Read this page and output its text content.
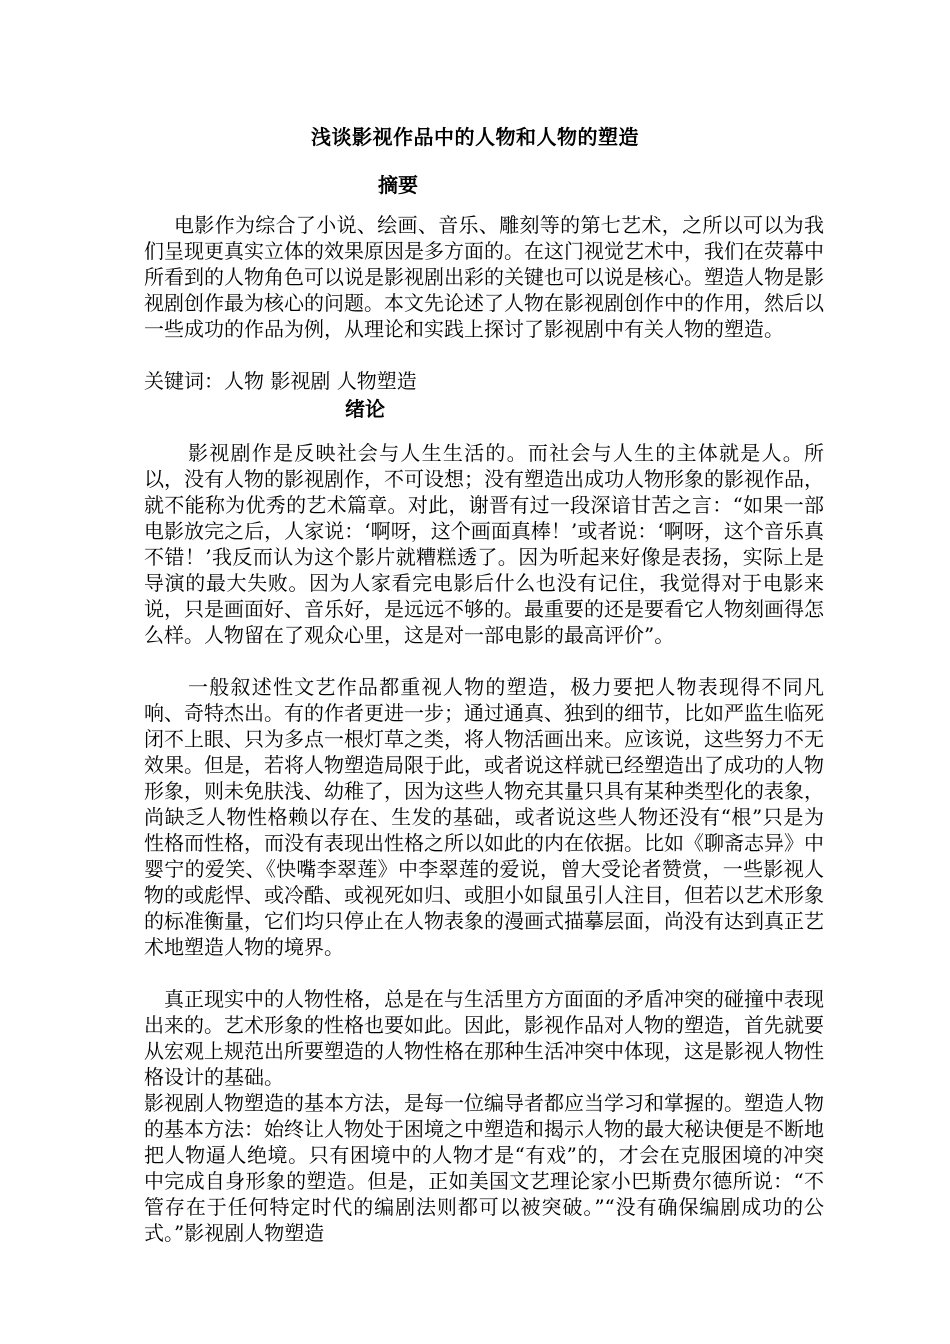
浅谈影视作品中的人物和人物的塑造
摘要
电影作为综合了小说、绘画、音乐、雕刻等的第七艺术，之所以可以为我们呈现更真实立体的效果原因是多方面的。在这门视觉艺术中，我们在荧幕中所看到的人物角色可以说是影视剧出彩的关键也可以说是核心。塑造人物是影视剧创作最为核心的问题。本文先论述了人物在影视剧创作中的作用，然后以一些成功的作品为例，从理论和实践上探讨了影视剧中有关人物的塑造。
关键词：人物 影视剧 人物塑造
绪论
影视剧作是反映社会与人生生活的。而社会与人生的主体就是人。所以，没有人物的影视剧作，不可设想；没有塑造出成功人物形象的影视作品，就不能称为优秀的艺术篇章。对此，谢晋有过一段深谙甘苦之言：“如果一部电影放完之后，人家说：‘啊呀，这个画面真棒！’或者说：‘啊呀，这个音乐真不错！’我反而认为这个影片就糟糕透了。因为听起来好像是表扬，实际上是导演的最大失败。因为人家看完电影后什么也没有记住，我觉得对于电影来说，只是画面好、音乐好，是远远不够的。最重要的还是要看它人物刻画得怎么样。人物留在了观众心里，这是对一部电影的最高评价”。
一般叙述性文艺作品都重视人物的塑造，极力要把人物表现得不同凡响、奇特杰出。有的作者更进一步；通过通真、独到的细节，比如严监生临死闭不上眼、只为多点一根灯草之类，将人物活画出来。应该说，这些努力不无效果。但是，若将人物塑造局限于此，或者说这样就已经塑造出了成功的人物形象，则未免肤浅、幼稚了，因为这些人物充其量只具有某种类型化的表象，尚缺乏人物性格赖以存在、生发的基础，或者说这些人物还没有“根”只是为性格而性格，而没有表现出性格之所以如此的内在依据。比如《聊斋志异》中婴宁的爱笑、《快嘴李翠莲》中李翠莲的爱说，曾大受论者赞赏，一些影视人物的或彪悍、或冷酷、或视死如归、或胆小如鼠虽引人注目，但若以艺术形象的标准衡量，它们均只停止在人物表象的漫画式描摹层面，尚没有达到真正艺术地塑造人物的境界。
真正现实中的人物性格，总是在与生活里方方面面的矛盾冲突的碰撞中表现出来的。艺术形象的性格也要如此。因此，影视作品对人物的塑造，首先就要从宏观上规范出所要塑造的人物性格在那种生活冲突中体现，这是影视人物性格设计的基础。
影视剧人物塑造的基本方法，是每一位编导者都应当学习和掌握的。塑造人物的基本方法：始终让人物处于困境之中塑造和揭示人物的最大秘诀便是不断地把人物逼人绝境。只有困境中的人物才是“有戏”的，才会在克服困境的冲突中完成自身形象的塑造。但是，正如美国文艺理论家小巴斯费尔德所说：“不管存在于任何特定时代的编剧法则都可以被突破。”“没有确保编剧成功的公式。”影视剧人物塑造
